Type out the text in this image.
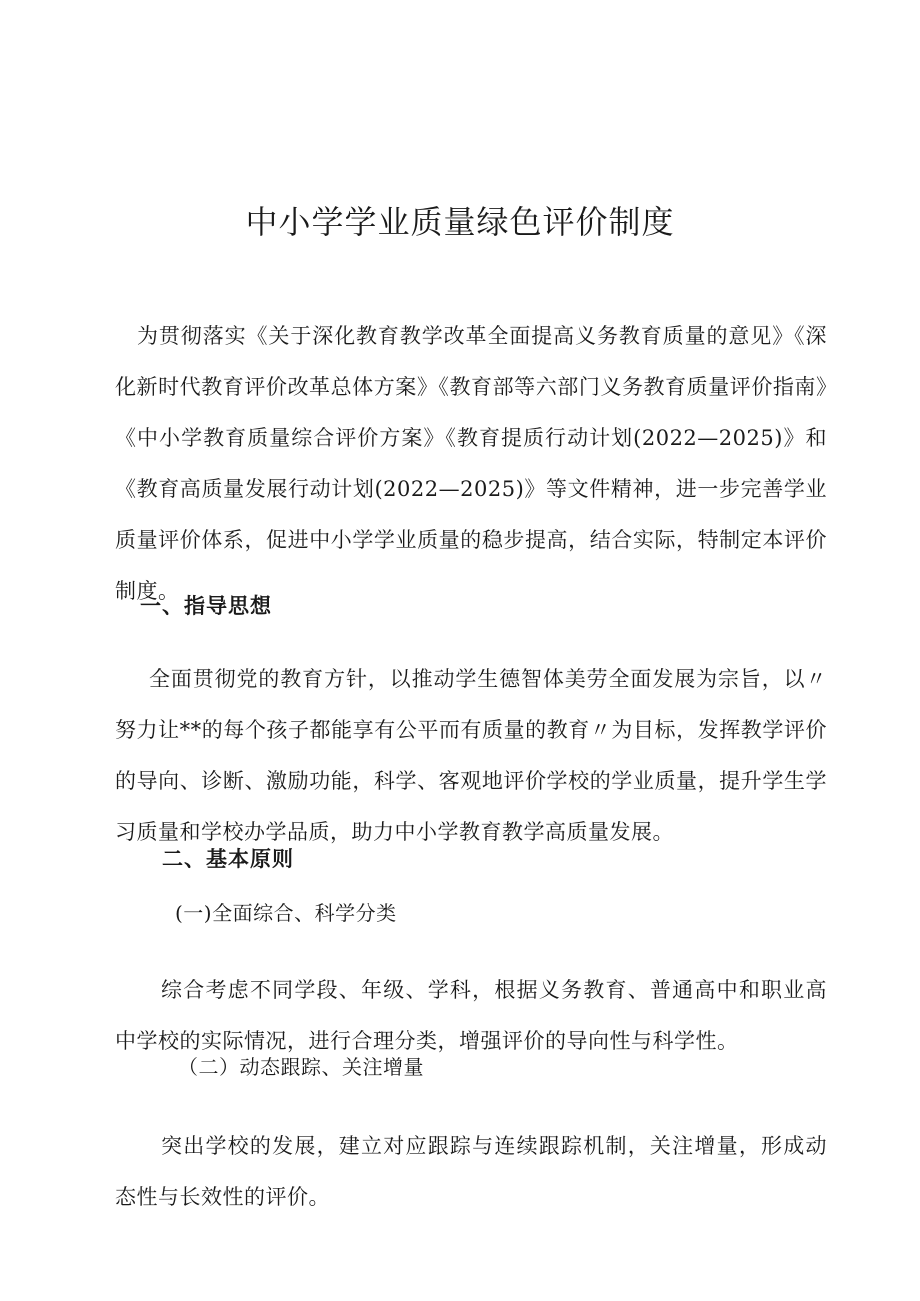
中小学学业质量绿色评价制度

为贯彻落实《关于深化教育教学改革全面提高义务教育质量的意见》《深化新时代教育评价改革总体方案》《教育部等六部门义务教育质量评价指南》《中小学教育质量综合评价方案》《教育提质行动计划(2022—2025)》和《教育高质量发展行动计划(2022—2025)》等文件精神，进一步完善学业质量评价体系，促进中小学学业质量的稳步提高，结合实际，特制定本评价制度。

一、指导思想

全面贯彻党的教育方针，以推动学生德智体美劳全面发展为宗旨，以〃努力让**的每个孩子都能享有公平而有质量的教育〃为目标，发挥教学评价的导向、诊断、激励功能，科学、客观地评价学校的学业质量，提升学生学习质量和学校办学品质，助力中小学教育教学高质量发展。

二、基本原则
(一)全面综合、科学分类

综合考虑不同学段、年级、学科，根据义务教育、普通高中和职业高中学校的实际情况，进行合理分类，增强评价的导向性与科学性。

（二）动态跟踪、关注增量

突出学校的发展，建立对应跟踪与连续跟踪机制，关注增量，形成动态性与长效性的评价。
